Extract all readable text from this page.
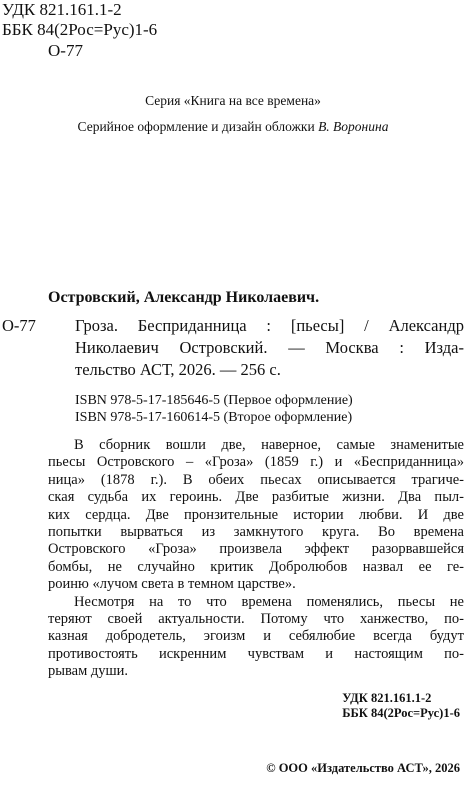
УДК 821.161.1-2
ББК 84(2Рос=Рус)1-6
О-77
Серия «Книга на все времена»
Серийное оформление и дизайн обложки В. Воронина
Островский, Александр Николаевич.
О-77 Гроза. Бесприданница : [пьесы] / Александр
Николаевич Островский. — Москва : Изда-
тельство АСТ, 2026. — 256 с.
ISBN 978-5-17-185646-5 (Первое оформление)
ISBN 978-5-17-160614-5 (Второе оформление)
В сборник вошли две, наверное, самые знаменитые
пьесы Островского – «Гроза» (1859 г.) и «Бесприданница»
ница» (1878 г.). В обеих пьесах описывается трагиче-
ская судьба их героинь. Две разбитые жизни. Два пыл-
ких сердца. Две пронзительные истории любви. И две
попытки вырваться из замкнутого круга. Во времена
Островского «Гроза» произвела эффект разорвавшейся
бомбы, не случайно критик Добролюбов назвал ее ге-
роиню «лучом света в темном царстве».
Несмотря на то что времена поменялись, пьесы не
теряют своей актуальности. Потому что ханжество, по-
казная добродетель, эгоизм и себялюбие всегда будут
противостоять искренним чувствам и настоящим по-
рывам души.
УДК 821.161.1-2
ББК 84(2Рос=Рус)1-6
© ООО «Издательство АСТ», 2026
